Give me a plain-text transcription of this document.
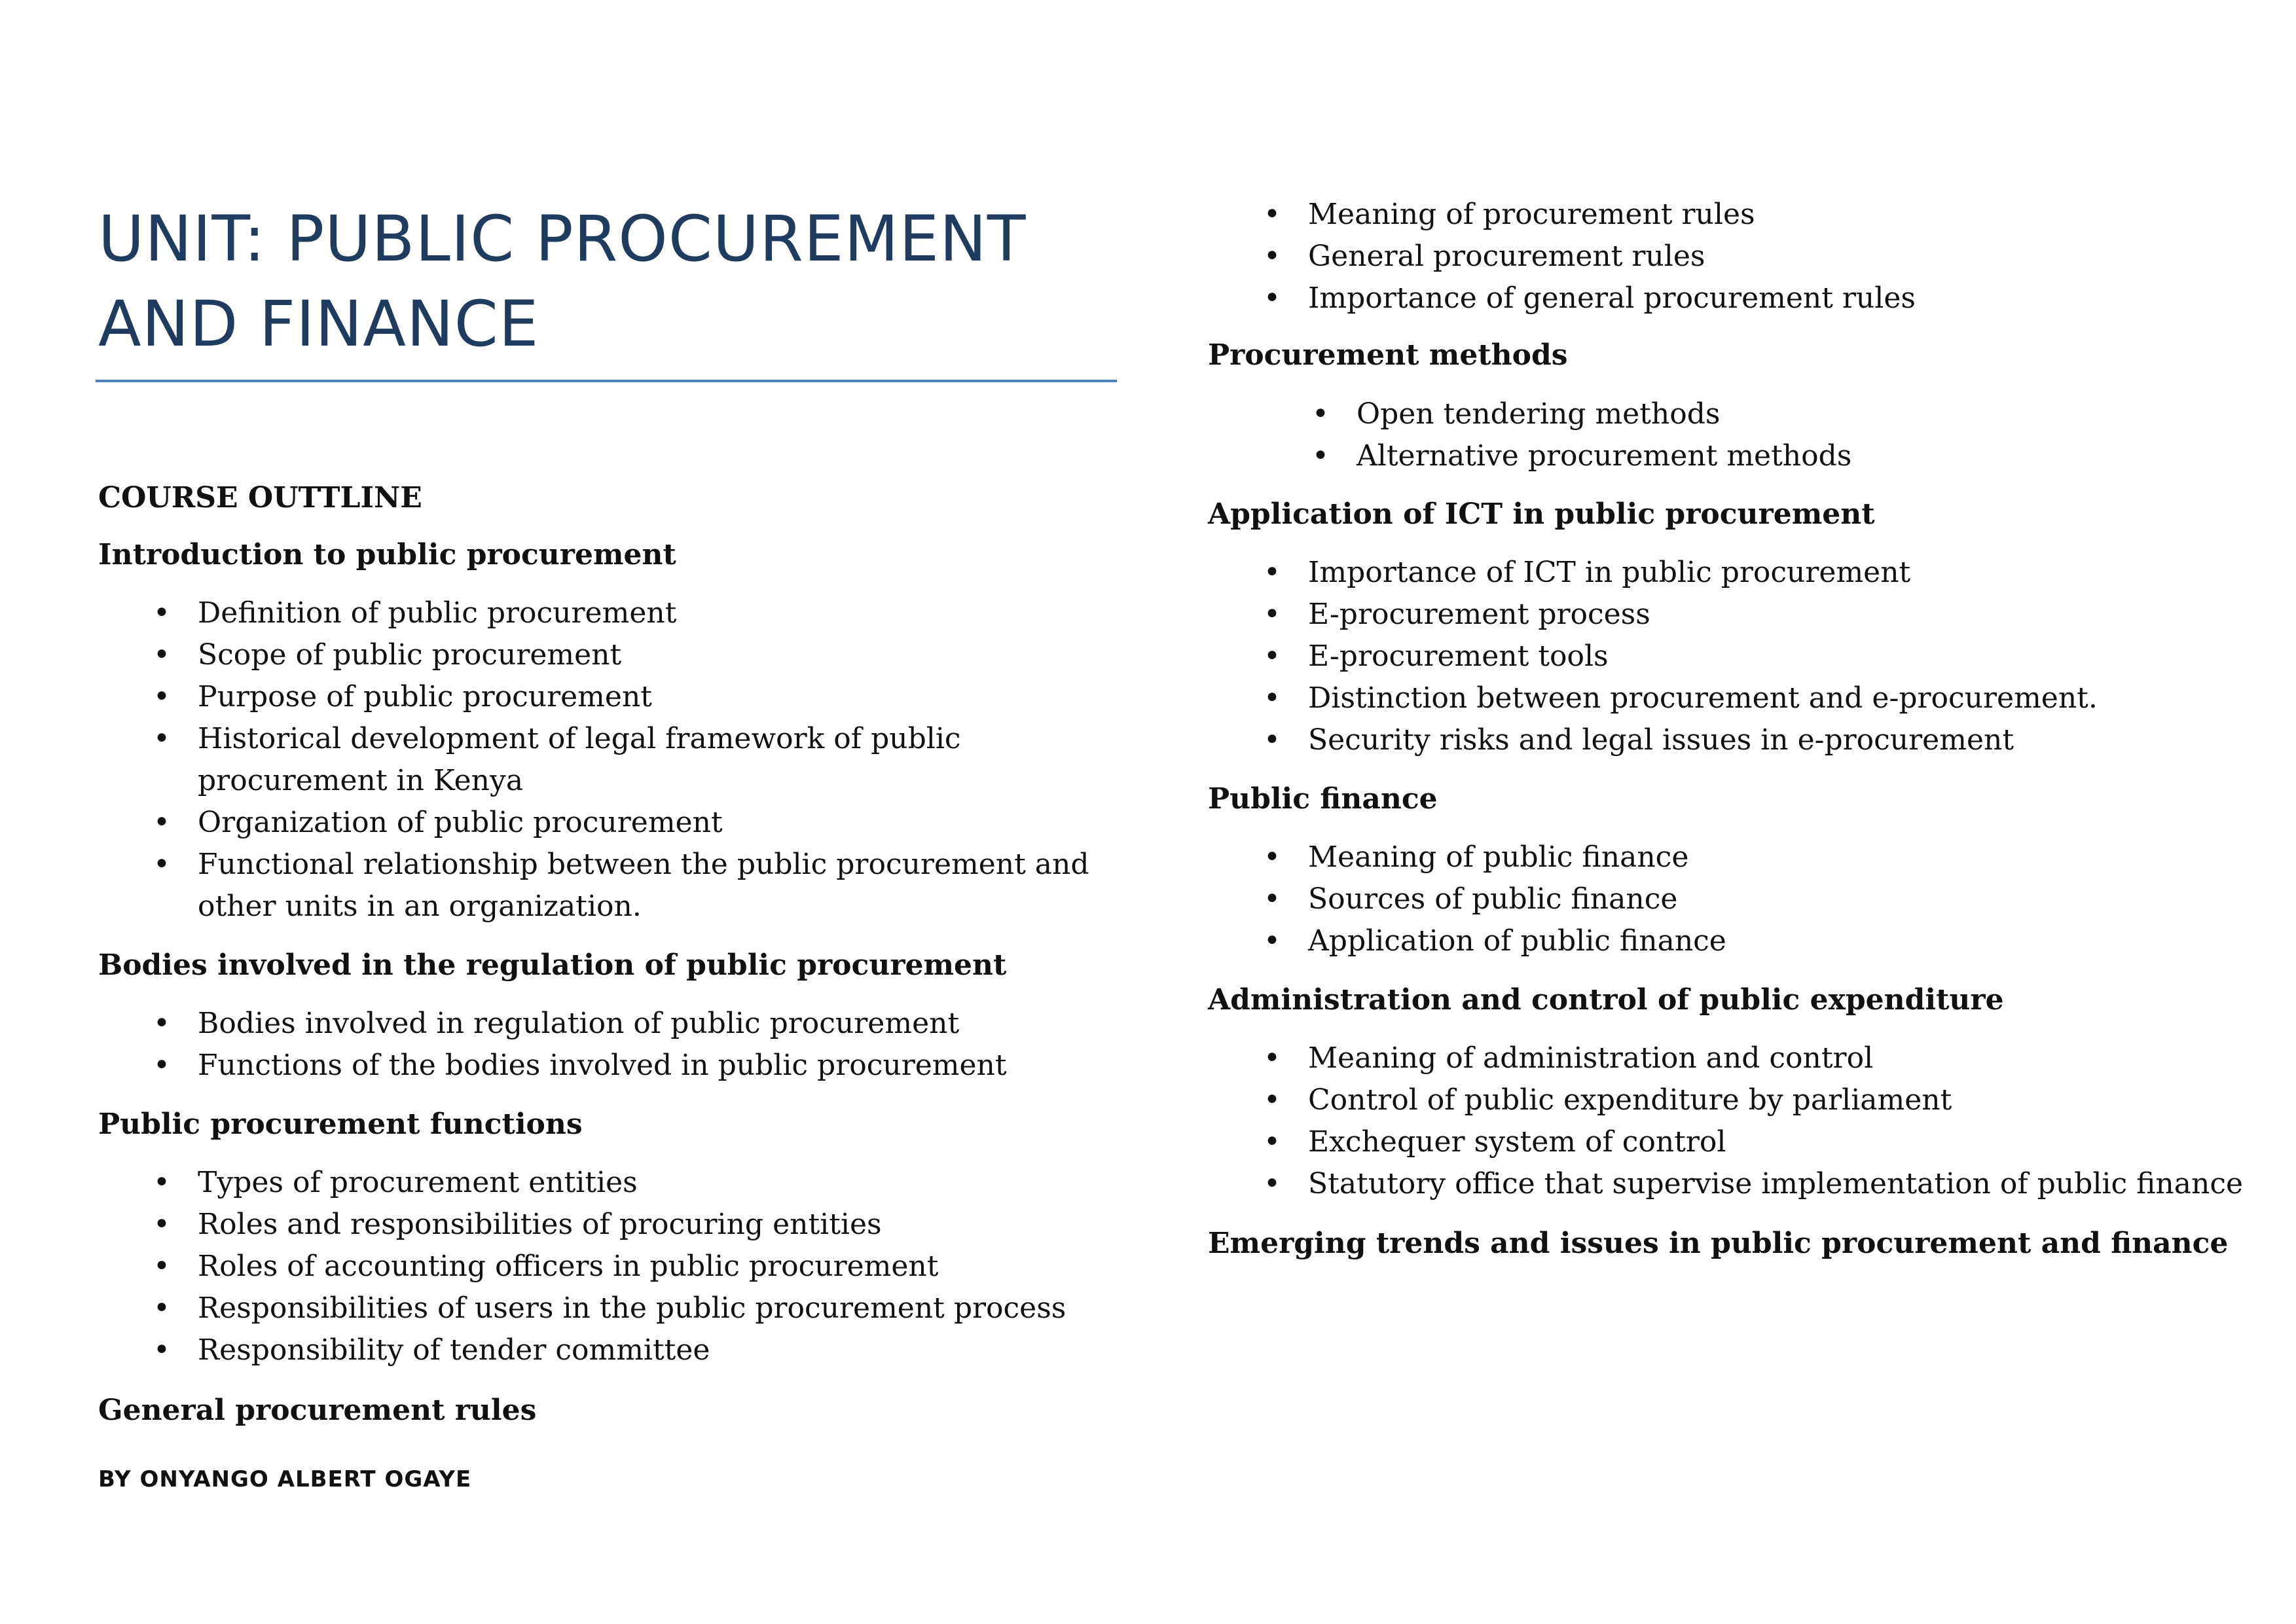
UNIT: PUBLIC PROCUREMENT AND FINANCE

COURSE OUTTLINE

Introduction to public procurement

• Definition of public procurement
• Scope of public procurement
• Purpose of public procurement
• Historical development of legal framework of public procurement in Kenya
• Organization of public procurement
• Functional relationship between the public procurement and other units in an organization.

Bodies involved in the regulation of public procurement

• Bodies involved in regulation of public procurement
• Functions of the bodies involved in public procurement

Public procurement functions

• Types of procurement entities
• Roles and responsibilities of procuring entities
• Roles of accounting officers in public procurement
• Responsibilities of users in the public procurement process
• Responsibility of tender committee

General procurement rules

BY ONYANGO ALBERT OGAYE

• Meaning of procurement rules
• General procurement rules
• Importance of general procurement rules

Procurement methods

• Open tendering methods
• Alternative procurement methods

Application of ICT in public procurement

• Importance of ICT in public procurement
• E-procurement process
• E-procurement tools
• Distinction between procurement and e-procurement.
• Security risks and legal issues in e-procurement

Public finance

• Meaning of public finance
• Sources of public finance
• Application of public finance

Administration and control of public expenditure

• Meaning of administration and control
• Control of public expenditure by parliament
• Exchequer system of control
• Statutory office that supervise implementation of public finance

Emerging trends and issues in public procurement and finance
